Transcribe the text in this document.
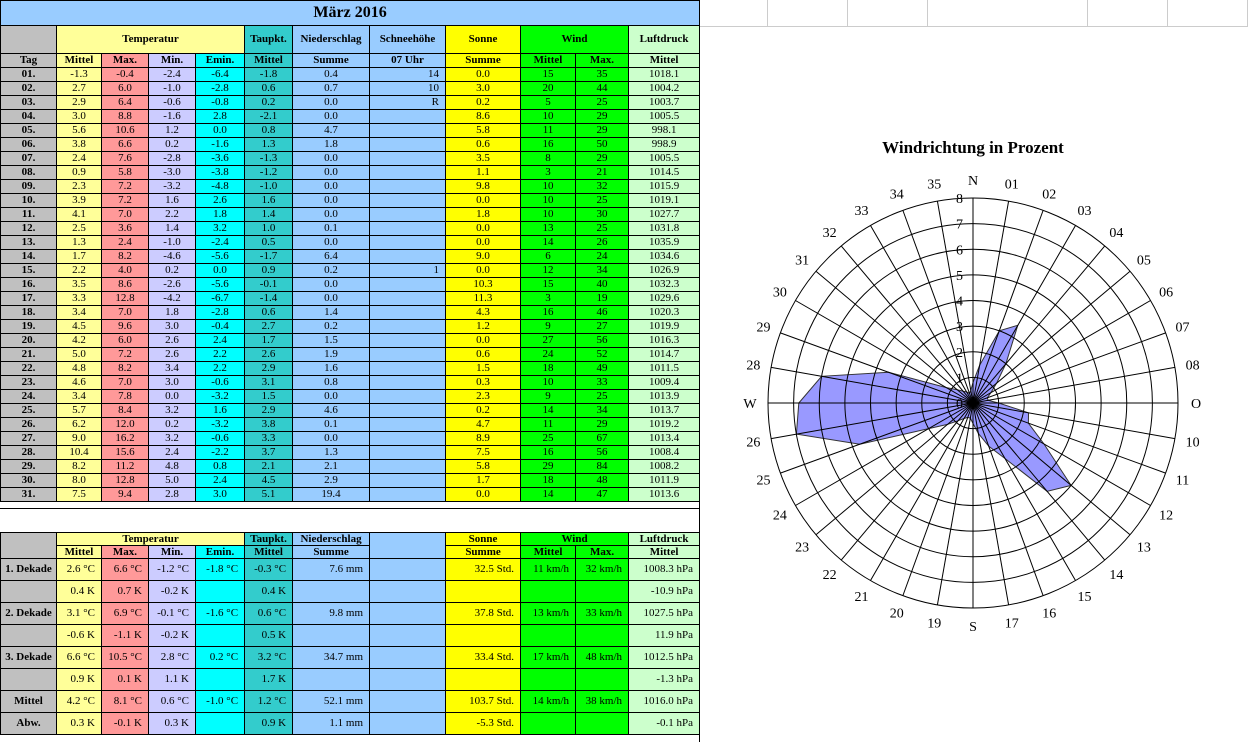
März 2016											
	Temperatur				Taupkt.	Niederschlag	Schneehöhe	Sonne	Wind		Luftdruck
Tag	Mittel	Max.	Min.	Emin.	Mittel	Summe	07 Uhr	Summe	Mittel	Max.	Mittel
01.	-1.3	-0.4	-2.4	-6.4	-1.8	0.4	14	0.0	15	35	1018.1
02.	2.7	6.0	-1.0	-2.8	0.6	0.7	10	3.0	20	44	1004.2
03.	2.9	6.4	-0.6	-0.8	0.2	0.0	R	0.2	5	25	1003.7
04.	3.0	8.8	-1.6	2.8	-2.1	0.0		8.6	10	29	1005.5
05.	5.6	10.6	1.2	0.0	0.8	4.7		5.8	11	29	998.1
06.	3.8	6.6	0.2	-1.6	1.3	1.8		0.6	16	50	998.9
07.	2.4	7.6	-2.8	-3.6	-1.3	0.0		3.5	8	29	1005.5
08.	0.9	5.8	-3.0	-3.8	-1.2	0.0		1.1	3	21	1014.5
09.	2.3	7.2	-3.2	-4.8	-1.0	0.0		9.8	10	32	1015.9
10.	3.9	7.2	1.6	2.6	1.6	0.0		0.0	10	25	1019.1
11.	4.1	7.0	2.2	1.8	1.4	0.0		1.8	10	30	1027.7
12.	2.5	3.6	1.4	3.2	1.0	0.1		0.0	13	25	1031.8
13.	1.3	2.4	-1.0	-2.4	0.5	0.0		0.0	14	26	1035.9
14.	1.7	8.2	-4.6	-5.6	-1.7	6.4		9.0	6	24	1034.6
15.	2.2	4.0	0.2	0.0	0.9	0.2	1	0.0	12	34	1026.9
16.	3.5	8.6	-2.6	-5.6	-0.1	0.0		10.3	15	40	1032.3
17.	3.3	12.8	-4.2	-6.7	-1.4	0.0		11.3	3	19	1029.6
18.	3.4	7.0	1.8	-2.8	0.6	1.4		4.3	16	46	1020.3
19.	4.5	9.6	3.0	-0.4	2.7	0.2		1.2	9	27	1019.9
20.	4.2	6.0	2.6	2.4	1.7	1.5		0.0	27	56	1016.3
21.	5.0	7.2	2.6	2.2	2.6	1.9		0.6	24	52	1014.7
22.	4.8	8.2	3.4	2.2	2.9	1.6		1.5	18	49	1011.5
23.	4.6	7.0	3.0	-0.6	3.1	0.8		0.3	10	33	1009.4
24.	3.4	7.8	0.0	-3.2	1.5	0.0		2.3	9	25	1013.9
25.	5.7	8.4	3.2	1.6	2.9	4.6		0.2	14	34	1013.7
26.	6.2	12.0	0.2	-3.2	3.8	0.1		4.7	11	29	1019.2
27.	9.0	16.2	3.2	-0.6	3.3	0.0		8.9	25	67	1013.4
28.	10.4	15.6	2.4	-2.2	3.7	1.3		7.5	16	56	1008.4
29.	8.2	11.2	4.8	0.8	2.1	2.1		5.8	29	84	1008.2
30.	8.0	12.8	5.0	2.4	4.5	2.9		1.7	18	48	1011.9
31.	7.5	9.4	2.8	3.0	5.1	19.4		0.0	14	47	1013.6
	Temperatur				Taupkt.	Niederschlag		Sonne	Wind		Luftdruck
	Mittel	Max.	Min.	Emin.	Mittel	Summe		Summe	Mittel	Max.	Mittel
1. Dekade	2.6 °C	6.6 °C	-1.2 °C	-1.8 °C	-0.3 °C	7.6 mm		32.5 Std.	11 km/h	32 km/h	1008.3 hPa
	0.4 K	0.7 K	-0.2 K		0.4 K						-10.9 hPa
2. Dekade	3.1 °C	6.9 °C	-0.1 °C	-1.6 °C	0.6 °C	9.8 mm		37.8 Std.	13 km/h	33 km/h	1027.5 hPa
	-0.6 K	-1.1 K	-0.2 K		0.5 K						11.9 hPa
3. Dekade	6.6 °C	10.5 °C	2.8 °C	0.2 °C	3.2 °C	34.7 mm		33.4 Std.	17 km/h	48 km/h	1012.5 hPa
	0.9 K	0.1 K	1.1 K		1.7 K						-1.3 hPa
Mittel	4.2 °C	8.1 °C	0.6 °C	-1.0 °C	1.2 °C	52.1 mm		103.7 Std.	14 km/h	38 km/h	1016.0 hPa
Abw.	0.3 K	-0.1 K	0.3 K		0.9 K	1.1 mm		-5.3 Std.			-0.1 hPa
Windrichtung in Prozent
0
1
2
3
4
5
6
7
8
01
02
03
04
05
06
07
08
O
10
11
12
13
14
15
16
17
S
19
20
21
22
23
24
25
26
W
28
29
30
31
32
33
34
35 N
